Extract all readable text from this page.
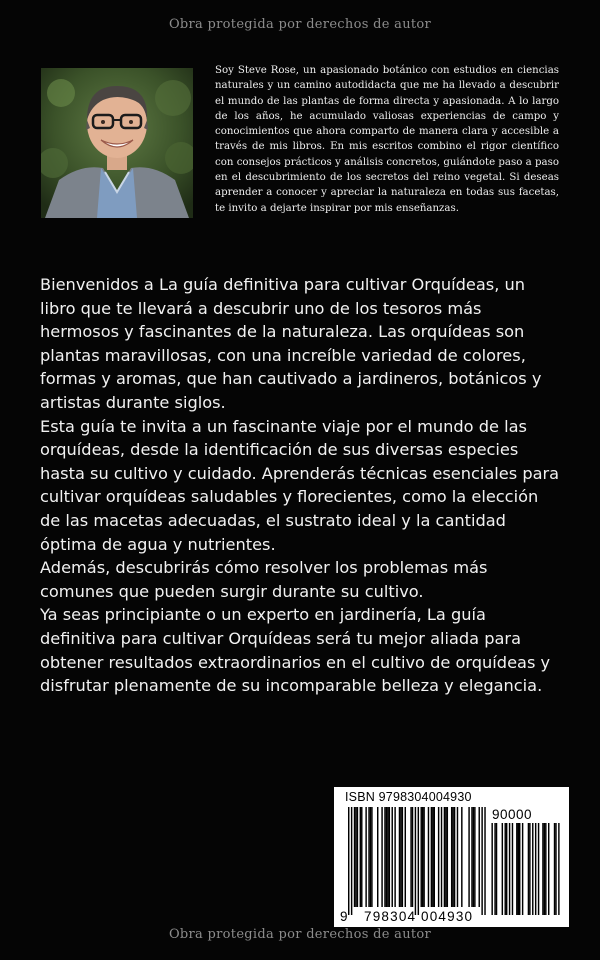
Obra protegida por derechos de autor
Soy Steve Rose, un apasionado botánico con estudios en ciencias naturales y un camino autodidacta que me ha llevado a descubrir el mundo de las plantas de forma directa y apasionada. A lo largo de los años, he acumulado valiosas experiencias de campo y conocimientos que ahora comparto de manera clara y accesible a través de mis libros. En mis escritos combino el rigor científico con consejos prácticos y análisis concretos, guiándote paso a paso en el descubrimiento de los secretos del reino vegetal. Si deseas aprender a conocer y apreciar la naturaleza en todas sus facetas, te invito a dejarte inspirar por mis enseñanzas.

Bienvenidos a La guía definitiva para cultivar Orquídeas, un libro que te llevará a descubrir uno de los tesoros más hermosos y fascinantes de la naturaleza. Las orquídeas son plantas maravillosas, con una increíble variedad de colores, formas y aromas, que han cautivado a jardineros, botánicos y artistas durante siglos.

Esta guía te invita a un fascinante viaje por el mundo de las orquídeas, desde la identificación de sus diversas especies hasta su cultivo y cuidado. Aprenderás técnicas esenciales para cultivar orquídeas saludables y florecientes, como la elección de las macetas adecuadas, el sustrato ideal y la cantidad óptima de agua y nutrientes.

Además, descubrirás cómo resolver los problemas más comunes que pueden surgir durante su cultivo.

Ya seas principiante o un experto en jardinería, La guía definitiva para cultivar Orquídeas será tu mejor aliada para obtener resultados extraordinarios en el cultivo de orquídeas y disfrutar plenamente de su incomparable belleza y elegancia.

ISBN 9798304004930
90000
9 798304 004930
Obra protegida por derechos de autor
